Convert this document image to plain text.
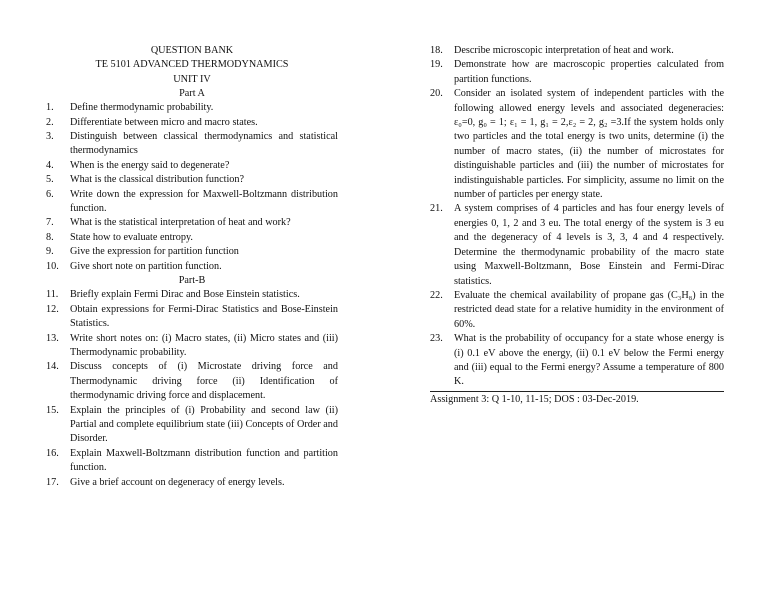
QUESTION BANK
TE 5101 ADVANCED THERMODYNAMICS
UNIT IV
Part A
1.	Define thermodynamic probability.
2.	Differentiate between micro and macro states.
3.	Distinguish between classical thermodynamics and statistical thermodynamics
4.	When is the energy said to degenerate?
5.	What is the classical distribution function?
6.	Write down the expression for Maxwell-Boltzmann distribution function.
7.	What is the statistical interpretation of heat and work?
8.	State how to evaluate entropy.
9.	Give the expression for partition function
10.	Give short note on partition function.
Part-B
11.	Briefly explain Fermi Dirac and Bose Einstein statistics.
12.	Obtain expressions for Fermi-Dirac Statistics and Bose-Einstein Statistics.
13.	Write short notes on: (i) Macro states, (ii) Micro states and (iii) Thermodynamic probability.
14.	Discuss concepts of (i) Microstate driving force and Thermodynamic driving force (ii) Identification of thermodynamic driving force and displacement.
15.	Explain the principles of (i) Probability and second law (ii) Partial and complete equilibrium state (iii) Concepts of Order and Disorder.
16.	Explain Maxwell-Boltzmann distribution function and partition function.
17.	Give a brief account on degeneracy of energy levels.
18.	Describe microscopic interpretation of heat and work.
19.	Demonstrate how are macroscopic properties calculated from partition functions.
20.	Consider an isolated system of independent particles with the following allowed energy levels and associated degeneracies: ε₀=0, g₀ = 1; ε₁ = 1, g₁ = 2,ε₂ = 2, g₂ =3.If the system holds only two particles and the total energy is two units, determine (i) the number of macro states, (ii) the number of microstates for distinguishable particles and (iii) the number of microstates for indistinguishable particles. For simplicity, assume no limit on the number of particles per energy state.
21.	A system comprises of 4 particles and has four energy levels of energies 0, 1, 2 and 3 eu. The total energy of the system is 3 eu and the degeneracy of 4 levels is 3, 3, 4 and 4 respectively. Determine the thermodynamic probability of the macro state using Maxwell-Boltzmann, Bose Einstein and Fermi-Dirac statistics.
22.	Evaluate the chemical availability of propane gas (C₃H₈) in the restricted dead state for a relative humidity in the environment of 60%.
23.	What is the probability of occupancy for a state whose energy is (i) 0.1 eV above the energy, (ii) 0.1 eV below the Fermi energy and (iii) equal to the Fermi energy? Assume a temperature of 800 K.
Assignment 3: Q 1-10, 11-15; DOS : 03-Dec-2019.
